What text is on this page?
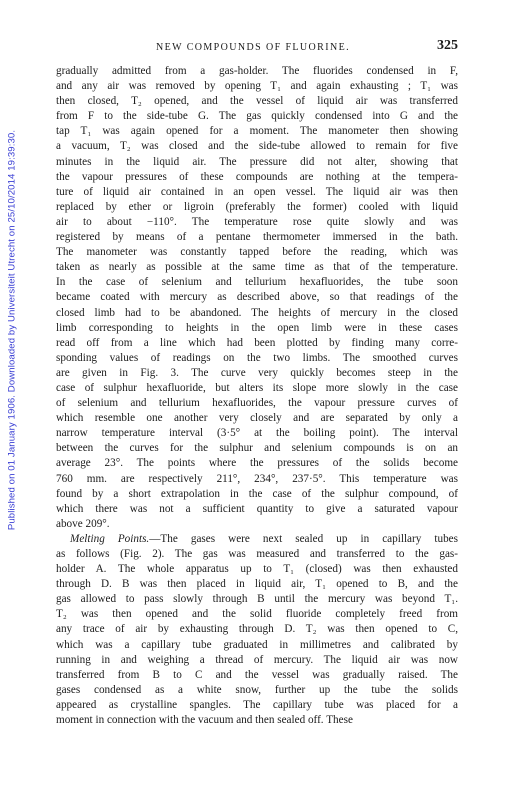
Published on 01 January 1906. Downloaded by Universiteit Utrecht on 25/10/2014 19:39:30.
NEW COMPOUNDS OF FLUORINE.	325
gradually admitted from a gas-holder. The fluorides condensed in F,
and any air was removed by opening T₁ and again exhausting ; T₁ was
then closed, T₂ opened, and the vessel of liquid air was transferred
from F to the side-tube G. The gas quickly condensed into G and the
tap T₁ was again opened for a moment. The manometer then showing
a vacuum, T₂ was closed and the side-tube allowed to remain for five
minutes in the liquid air. The pressure did not alter, showing that
the vapour pressures of these compounds are nothing at the tempera-
ture of liquid air contained in an open vessel. The liquid air was then
replaced by ether or ligroin (preferably the former) cooled with liquid
air to about −110°. The temperature rose quite slowly and was
registered by means of a pentane thermometer immersed in the bath.
The manometer was constantly tapped before the reading, which was
taken as nearly as possible at the same time as that of the temperature.
In the case of selenium and tellurium hexafluorides, the tube soon
became coated with mercury as described above, so that readings of the
closed limb had to be abandoned. The heights of mercury in the closed
limb corresponding to heights in the open limb were in these cases
read off from a line which had been plotted by finding many corre-
sponding values of readings on the two limbs. The smoothed curves
are given in Fig. 3. The curve very quickly becomes steep in the
case of sulphur hexafluoride, but alters its slope more slowly in the case
of selenium and tellurium hexafluorides, the vapour pressure curves of
which resemble one another very closely and are separated by only a
narrow temperature interval (3·5° at the boiling point). The interval
between the curves for the sulphur and selenium compounds is on an
average 23°. The points where the pressures of the solids become
760 mm. are respectively 211°, 234°, 237·5°. This temperature was
found by a short extrapolation in the case of the sulphur compound, of
which there was not a sufficient quantity to give a saturated vapour
above 209°.
Melting Points.—The gases were next sealed up in capillary tubes
as follows (Fig. 2). The gas was measured and transferred to the gas-
holder A. The whole apparatus up to T₁ (closed) was then exhausted
through D. B was then placed in liquid air, T₁ opened to B, and the
gas allowed to pass slowly through B until the mercury was beyond T₁.
T₂ was then opened and the solid fluoride completely freed from
any trace of air by exhausting through D. T₂ was then opened to C,
which was a capillary tube graduated in millimetres and calibrated by
running in and weighing a thread of mercury. The liquid air was now
transferred from B to C and the vessel was gradually raised. The
gases condensed as a white snow, further up the tube the solids
appeared as crystalline spangles. The capillary tube was placed for a
moment in connection with the vacuum and then sealed off. These
